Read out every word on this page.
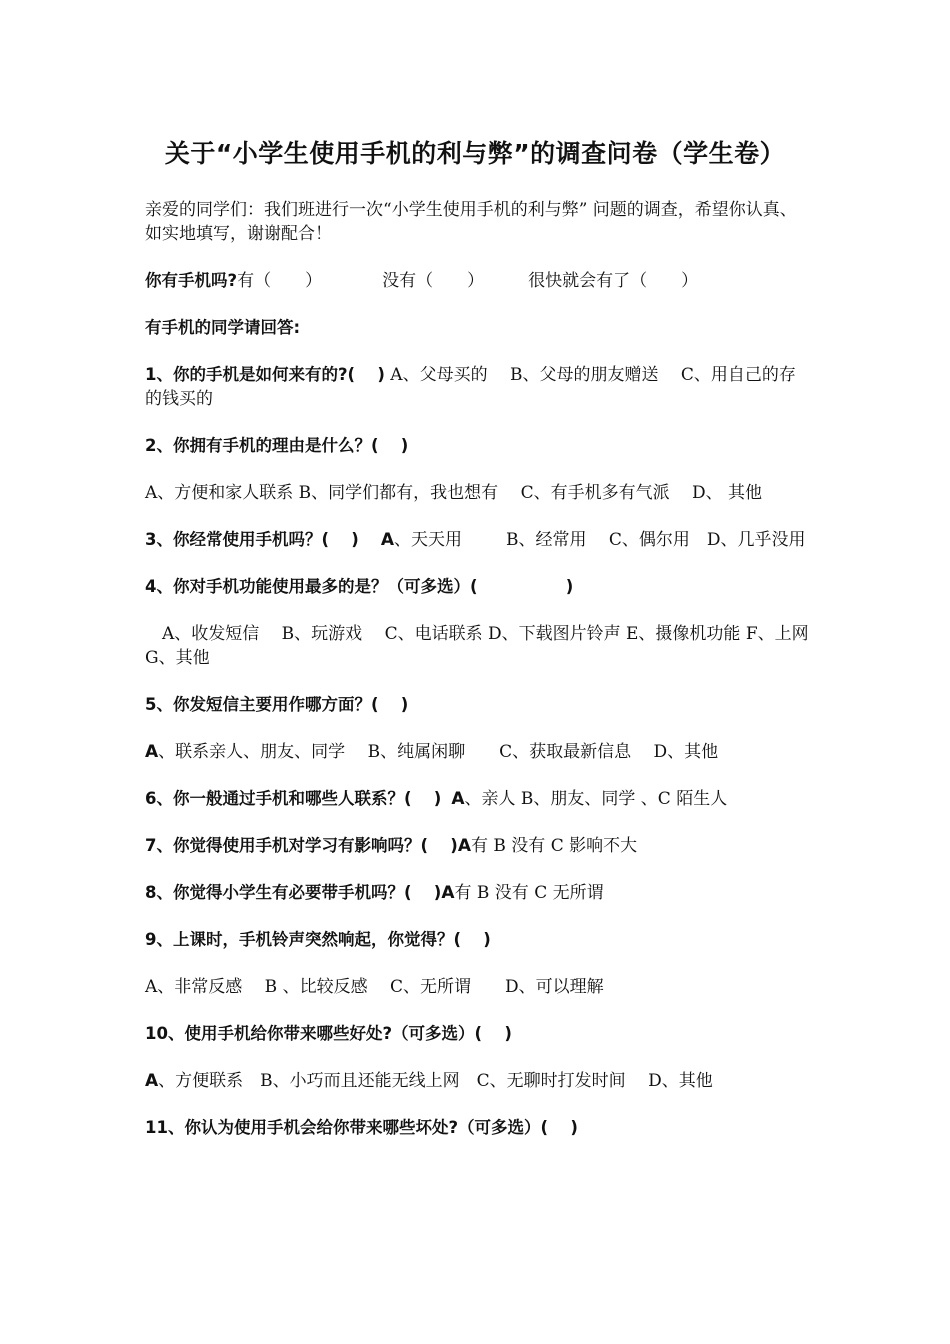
关于“小学生使用手机的利与弊”的调查问卷（学生卷）

亲爱的同学们：我们班进行一次“小学生使用手机的利与弊” 问题的调查，希望你认真、如实地填写，谢谢配合！

你有手机吗?有（　　）	没有（　　）	很快就会有了（　　）

有手机的同学请回答:

1、你的手机是如何来有的?(　 ) A、父母买的　 B、父母的朋友赠送　 C、用自己的存的钱买的

2、你拥有手机的理由是什么？(　 )

A、方便和家人联系 B、同学们都有，我也想有　 C、有手机多有气派　 D、 其他

3、你经常使用手机吗？(　 ) A、天天用	B、经常用　 C、偶尔用　D、几乎没用

4、你对手机功能使用最多的是？（可多选）(　　　　　 )

A、收发短信　 B、玩游戏　 C、电话联系 D、下载图片铃声 E、摄像机功能 F、上网 G、其他

5、你发短信主要用作哪方面？(　 )

A、联系亲人、朋友、同学　 B、纯属闲聊　　C、获取最新信息　 D、其他

6、你一般通过手机和哪些人联系？(　 ) A、亲人 B、朋友、同学 、C 陌生人

7、你觉得使用手机对学习有影响吗？(　 )A有 B 没有 C 影响不大

8、你觉得小学生有必要带手机吗？(　 )A有 B 没有 C 无所谓

9、上课时，手机铃声突然响起，你觉得？(　 )

A、非常反感　 B 、比较反感　 C、无所谓　　D、可以理解

10、使用手机给你带来哪些好处?（可多选）(　 )

A、方便联系　B、小巧而且还能无线上网　C、无聊时打发时间　 D、其他

11、你认为使用手机会给你带来哪些坏处?（可多选）(　 )
